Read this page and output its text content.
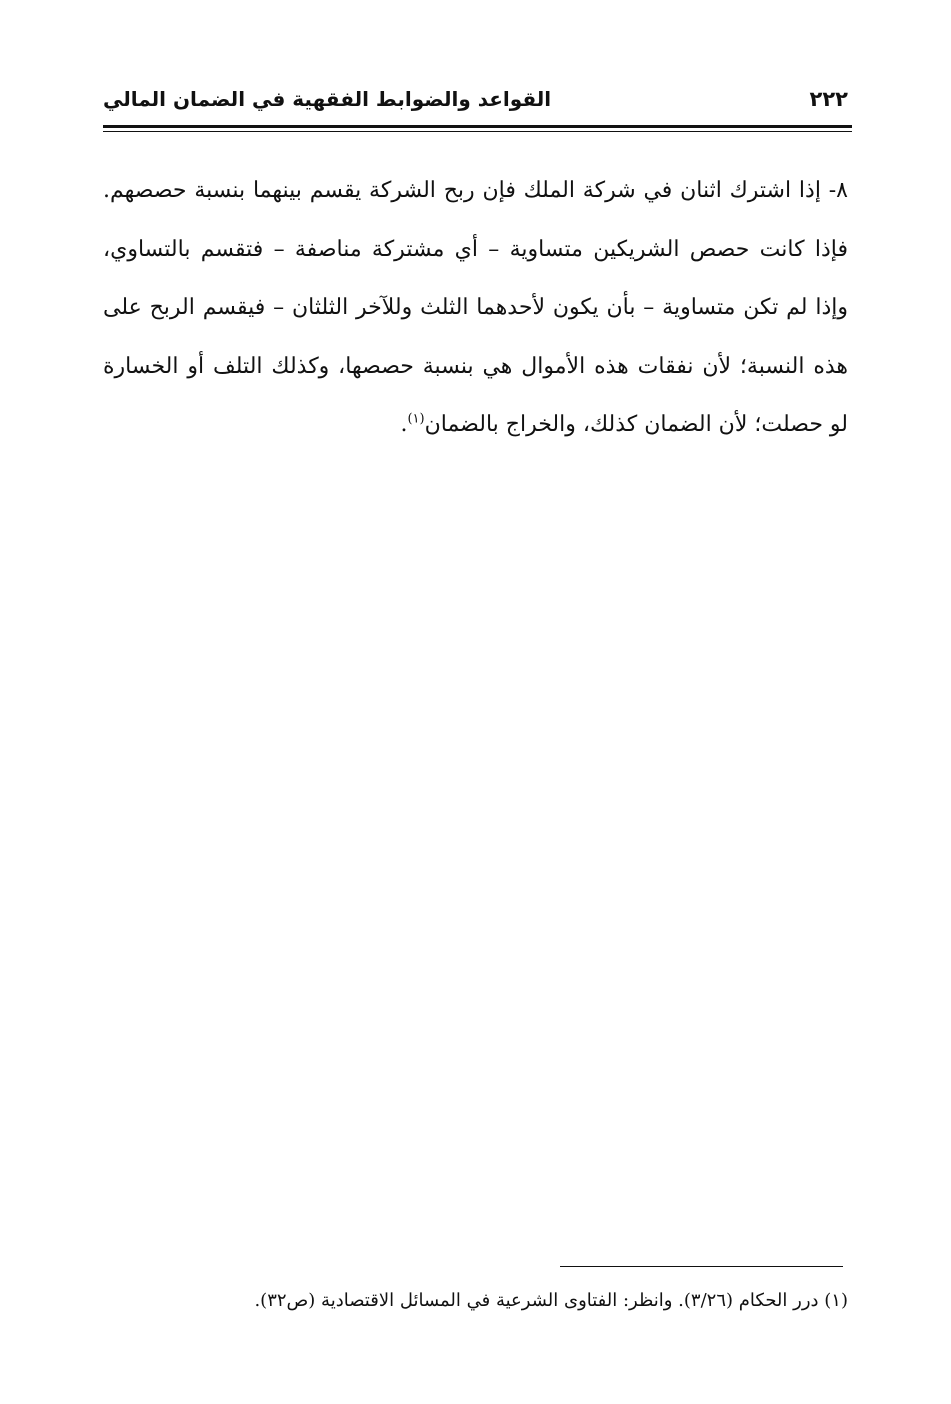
٢٢٢
القواعد والضوابط الفقهية في الضمان المالي

٨- إذا اشترك اثنان في شركة الملك فإن ربح الشركة يقسم بينهما بنسبة حصصهم. فإذا كانت حصص الشريكين متساوية – أي مشتركة مناصفة – فتقسم بالتساوي، وإذا لم تكن متساوية – بأن يكون لأحدهما الثلث وللآخر الثلثان – فيقسم الربح على هذه النسبة؛ لأن نفقات هذه الأموال هي بنسبة حصصها، وكذلك التلف أو الخسارة لو حصلت؛ لأن الضمان كذلك، والخراج بالضمان$^{(١)}$.

(١) درر الحكام (٣/٢٦). وانظر: الفتاوى الشرعية في المسائل الاقتصادية (ص٣٢).
